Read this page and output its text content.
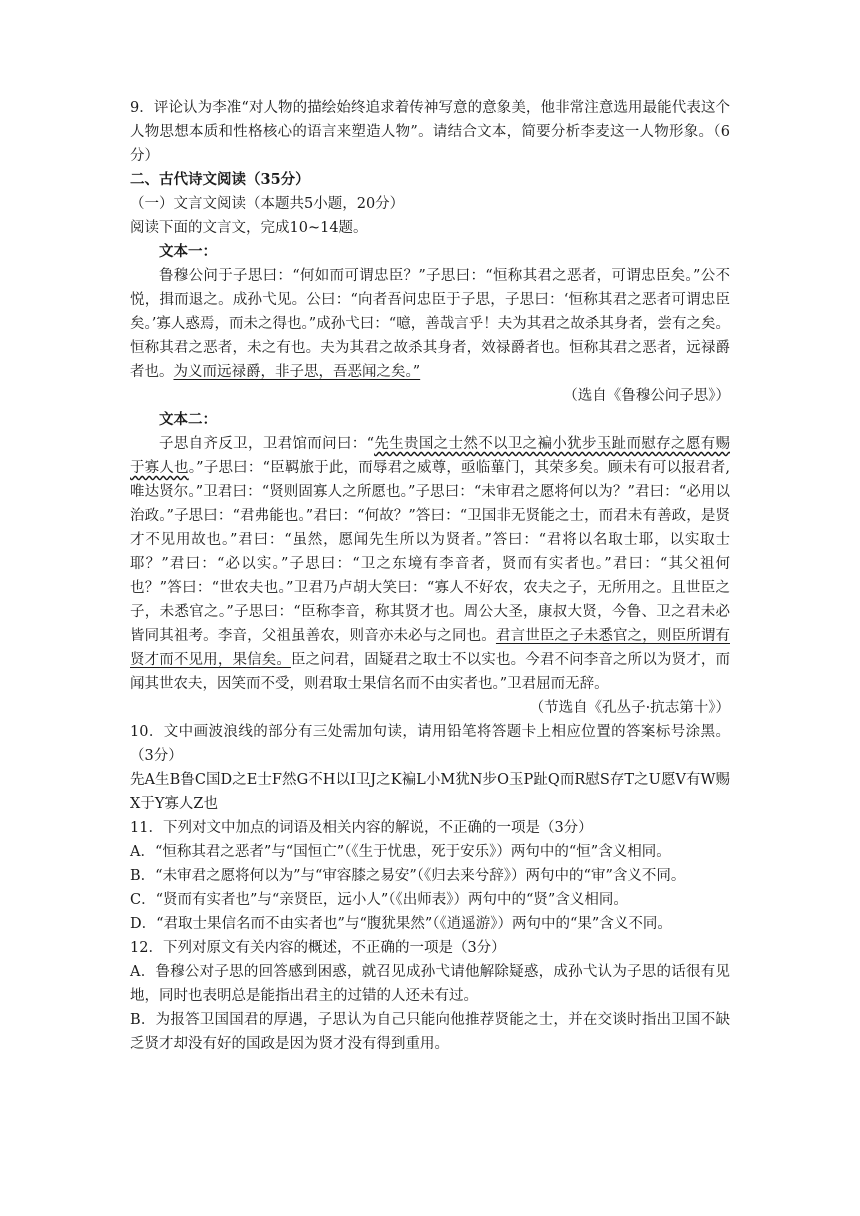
9．评论认为李准“对人物的描绘始终追求着传神写意的意象美，他非常注意选用最能代表这个人物思想本质和性格核心的语言来塑造人物”。请结合文本，简要分析李麦这一人物形象。（6分）

二、古代诗文阅读（35分）

（一）文言文阅读（本题共5小题，20分）

阅读下面的文言文，完成10~14题。

文本一：

鲁穆公问于子思曰：“何如而可谓忠臣？”子思曰：“恒称其君之恶者，可谓忠臣矣。”公不悦，揖而退之。成孙弋见。公曰：“向者吾问忠臣于子思，子思曰：‘恒称其君之恶者可谓忠臣矣。’寡人惑焉，而未之得也。”成孙弋曰：“噫，善哉言乎！夫为其君之故杀其身者，尝有之矣。恒称其君之恶者，未之有也。夫为其君之故杀其身者，效禄爵者也。恒称其君之恶者，远禄爵者也。为义而远禄爵，非子思，吾恶闻之矣。”

（选自《鲁穆公问子思》）

文本二：

子思自齐反卫，卫君馆而问曰：“先生贵国之士然不以卫之褊小犹步玉趾而慰存之愿有赐于寡人也。”子思曰：“臣羁旅于此，而辱君之威尊，亟临蓽门，其荣多矣。顾未有可以报君者,唯达贤尔。”卫君曰：“贤则固寡人之所愿也。”子思曰：“未审君之愿将何以为？”君曰：“必用以治政。”子思曰：“君弗能也。”君曰：“何故？”答曰：“卫国非无贤能之士，而君未有善政，是贤才不见用故也。”君曰：“虽然，愿闻先生所以为贤者。”答曰：“君将以名取士耶，以实取士耶？”君曰：“必以实。”子思曰：“卫之东境有李音者，贤而有实者也。”君曰：“其父祖何也？”答曰：“世农夫也。”卫君乃卢胡大笑曰：“寡人不好农，农夫之子，无所用之。且世臣之子，未悉官之。”子思曰：“臣称李音，称其贤才也。周公大圣，康叔大贤，今鲁、卫之君未必皆同其祖考。李音，父祖虽善农，则音亦未必与之同也。君言世臣之子未悉官之，则臣所谓有贤才而不见用，果信矣。臣之问君，固疑君之取士不以实也。今君不问李音之所以为贤才，而闻其世农夫，因笑而不受，则君取士果信名而不由实者也。”卫君屈而无辞。

（节选自《孔丛子·抗志第十》）

10．文中画波浪线的部分有三处需加句读，请用铅笔将答题卡上相应位置的答案标号涂黑。（3分）

先A生B鲁C国D之E士F然G不H以I卫J之K褊L小M犹N步O玉P趾Q而R慰S存T之U愿V有W赐X于Y寡人Z也

11．下列对文中加点的词语及相关内容的解说，不正确的一项是（3分）

A．“恒称其君之恶者”与“国恒亡”（《生于忧患，死于安乐》）两句中的“恒”含义相同。

B．“未审君之愿将何以为”与“审容膝之易安”（《归去来兮辞》）两句中的“审”含义不同。

C．“贤而有实者也”与“亲贤臣，远小人”（《出师表》）两句中的“贤”含义相同。

D．“君取士果信名而不由实者也”与“腹犹果然”（《逍遥游》）两句中的“果”含义不同。

12．下列对原文有关内容的概述，不正确的一项是（3分）

A．鲁穆公对子思的回答感到困惑，就召见成孙弋请他解除疑惑，成孙弋认为子思的话很有见地，同时也表明总是能指出君主的过错的人还未有过。

B．为报答卫国国君的厚遇，子思认为自己只能向他推荐贤能之士，并在交谈时指出卫国不缺乏贤才却没有好的国政是因为贤才没有得到重用。
